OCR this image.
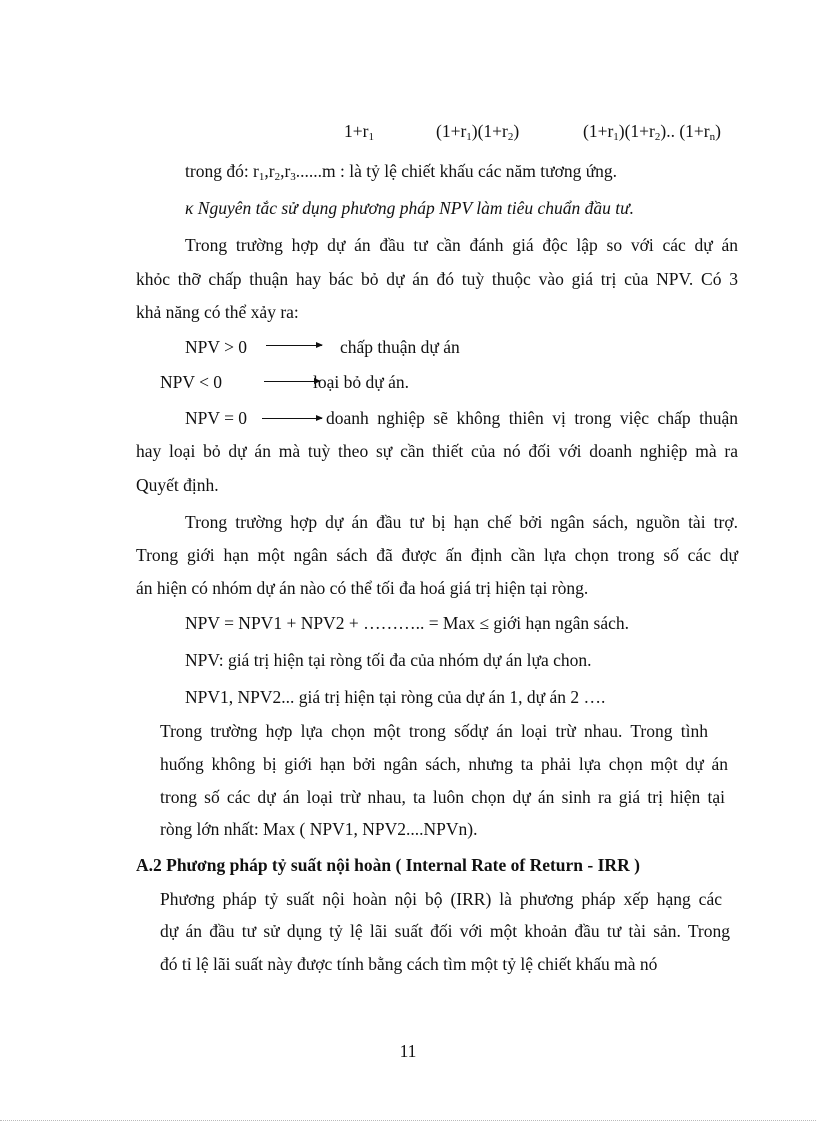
$1+r_1$	$(1+r_1)(1+r_2)$	$(1+r_1)(1+r_2)$.. $(1+r_n)$
trong đó: $r_1,r_2,r_3......m$ : là tỷ lệ chiết khấu các năm tương ứng.
κ Nguyên tắc sử dụng phương pháp NPV làm tiêu chuẩn đầu tư.
Trong trường hợp dự án đầu tư cần đánh giá độc lập so với các dự án
khỏc thỡ chấp thuận hay bác bỏ dự án đó tuỳ thuộc vào giá trị của NPV. Có 3
khả năng có thể xảy ra:
NPV > 0	chấp thuận dự án
NPV < 0	loại bỏ dự án.
NPV = 0	doanh nghiệp sẽ không thiên vị trong việc chấp thuận
hay loại bỏ dự án mà tuỳ theo sự cần thiết của nó đối với doanh nghiệp mà ra
Quyết định.
Trong trường hợp dự án đầu tư bị hạn chế bởi ngân sách, nguồn tài trợ.
Trong giới hạn một ngân sách đã được ấn định cần lựa chọn trong số các dự
án hiện có nhóm dự án nào có thể tối đa hoá giá trị hiện tại ròng.
NPV = NPV1 + NPV2 + ……….. = Max ≤ giới hạn ngân sách.
NPV: giá trị hiện tại ròng tối đa của nhóm dự án lựa chon.
NPV1, NPV2... giá trị hiện tại ròng của dự án 1, dự án 2 ….
Trong trường hợp lựa chọn một trong sốdự án loại trừ nhau. Trong tình
huống không bị giới hạn bởi ngân sách, nhưng ta phải lựa chọn một dự án
trong số các dự án loại trừ nhau, ta luôn chọn dự án sinh ra giá trị hiện tại
ròng lớn nhất: Max ( NPV1, NPV2....NPVn).
A.2 Phương pháp tỷ suất nội hoàn ( Internal Rate of Return - IRR )
Phương pháp tỷ suất nội hoàn nội bộ (IRR) là phương pháp xếp hạng các
dự án đầu tư sử dụng tỷ lệ lãi suất đối với một khoản đầu tư tài sản. Trong
đó tỉ lệ lãi suất này được tính bằng cách tìm một tỷ lệ chiết khấu mà nó
11
